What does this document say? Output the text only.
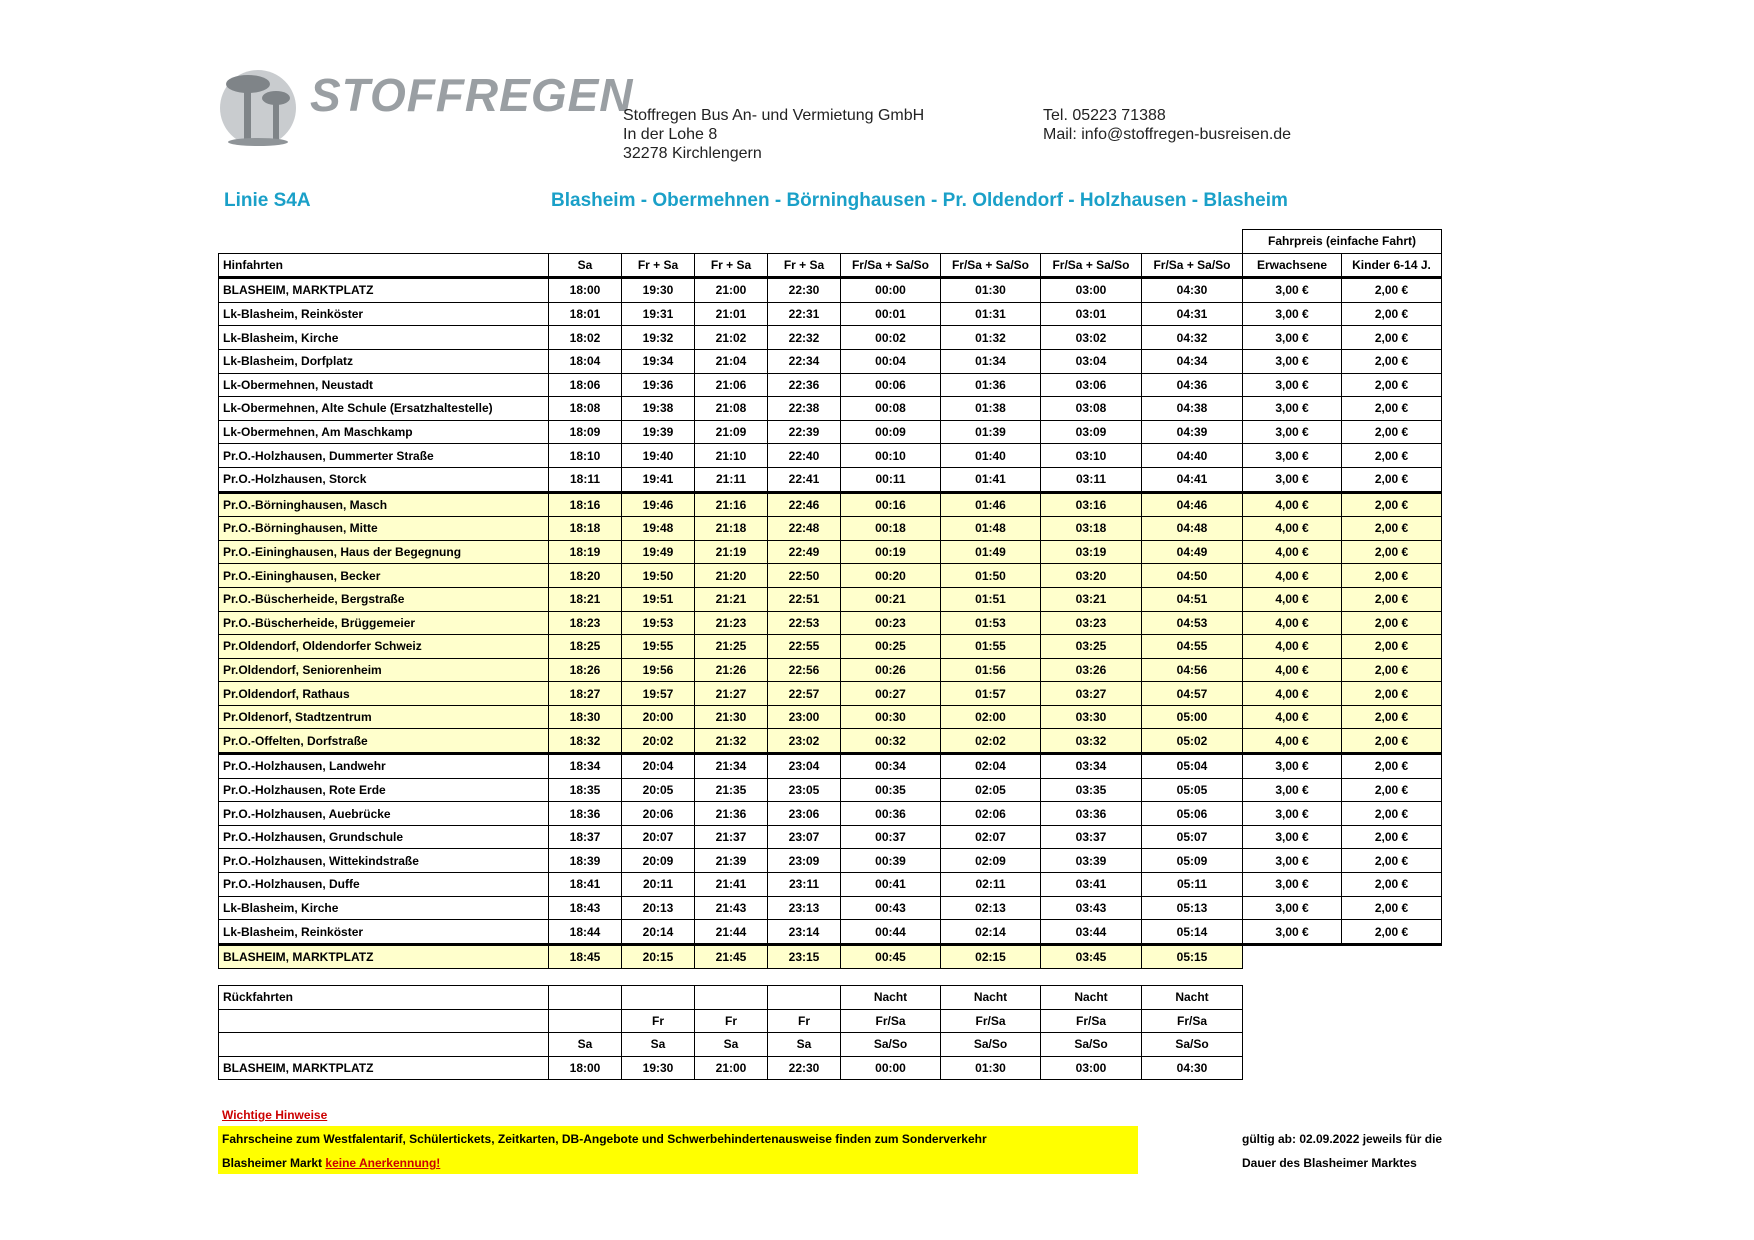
STOFFREGEN
Stoffregen Bus An- und Vermietung GmbH
In der Lohe 8
32278 Kirchlengern
Tel. 05223 71388
Mail: info@stoffregen-busreisen.de
Linie S4A	Blasheim - Obermehnen - Börninghausen - Pr. Oldendorf - Holzhausen - Blasheim
									Fahrpreis (einfache Fahrt)	
Hinfahrten	Sa	Fr + Sa	Fr + Sa	Fr + Sa	Fr/Sa + Sa/So	Fr/Sa + Sa/So	Fr/Sa + Sa/So	Fr/Sa + Sa/So	Erwachsene	Kinder 6-14 J.
BLASHEIM, MARKTPLATZ	18:00	19:30	21:00	22:30	00:00	01:30	03:00	04:30	3,00 €	2,00 €
Lk-Blasheim, Reinköster	18:01	19:31	21:01	22:31	00:01	01:31	03:01	04:31	3,00 €	2,00 €
Lk-Blasheim, Kirche	18:02	19:32	21:02	22:32	00:02	01:32	03:02	04:32	3,00 €	2,00 €
Lk-Blasheim, Dorfplatz	18:04	19:34	21:04	22:34	00:04	01:34	03:04	04:34	3,00 €	2,00 €
Lk-Obermehnen, Neustadt	18:06	19:36	21:06	22:36	00:06	01:36	03:06	04:36	3,00 €	2,00 €
Lk-Obermehnen, Alte Schule (Ersatzhaltestelle)	18:08	19:38	21:08	22:38	00:08	01:38	03:08	04:38	3,00 €	2,00 €
Lk-Obermehnen, Am Maschkamp	18:09	19:39	21:09	22:39	00:09	01:39	03:09	04:39	3,00 €	2,00 €
Pr.O.-Holzhausen, Dummerter Straße	18:10	19:40	21:10	22:40	00:10	01:40	03:10	04:40	3,00 €	2,00 €
Pr.O.-Holzhausen, Storck	18:11	19:41	21:11	22:41	00:11	01:41	03:11	04:41	3,00 €	2,00 €
Pr.O.-Börninghausen, Masch	18:16	19:46	21:16	22:46	00:16	01:46	03:16	04:46	4,00 €	2,00 €
Pr.O.-Börninghausen, Mitte	18:18	19:48	21:18	22:48	00:18	01:48	03:18	04:48	4,00 €	2,00 €
Pr.O.-Eininghausen, Haus der Begegnung	18:19	19:49	21:19	22:49	00:19	01:49	03:19	04:49	4,00 €	2,00 €
Pr.O.-Eininghausen, Becker	18:20	19:50	21:20	22:50	00:20	01:50	03:20	04:50	4,00 €	2,00 €
Pr.O.-Büscherheide, Bergstraße	18:21	19:51	21:21	22:51	00:21	01:51	03:21	04:51	4,00 €	2,00 €
Pr.O.-Büscherheide, Brüggemeier	18:23	19:53	21:23	22:53	00:23	01:53	03:23	04:53	4,00 €	2,00 €
Pr.Oldendorf, Oldendorfer Schweiz	18:25	19:55	21:25	22:55	00:25	01:55	03:25	04:55	4,00 €	2,00 €
Pr.Oldendorf, Seniorenheim	18:26	19:56	21:26	22:56	00:26	01:56	03:26	04:56	4,00 €	2,00 €
Pr.Oldendorf, Rathaus	18:27	19:57	21:27	22:57	00:27	01:57	03:27	04:57	4,00 €	2,00 €
Pr.Oldenorf, Stadtzentrum	18:30	20:00	21:30	23:00	00:30	02:00	03:30	05:00	4,00 €	2,00 €
Pr.O.-Offelten, Dorfstraße	18:32	20:02	21:32	23:02	00:32	02:02	03:32	05:02	4,00 €	2,00 €
Pr.O.-Holzhausen, Landwehr	18:34	20:04	21:34	23:04	00:34	02:04	03:34	05:04	3,00 €	2,00 €
Pr.O.-Holzhausen, Rote Erde	18:35	20:05	21:35	23:05	00:35	02:05	03:35	05:05	3,00 €	2,00 €
Pr.O.-Holzhausen, Auebrücke	18:36	20:06	21:36	23:06	00:36	02:06	03:36	05:06	3,00 €	2,00 €
Pr.O.-Holzhausen, Grundschule	18:37	20:07	21:37	23:07	00:37	02:07	03:37	05:07	3,00 €	2,00 €
Pr.O.-Holzhausen, Wittekindstraße	18:39	20:09	21:39	23:09	00:39	02:09	03:39	05:09	3,00 €	2,00 €
Pr.O.-Holzhausen, Duffe	18:41	20:11	21:41	23:11	00:41	02:11	03:41	05:11	3,00 €	2,00 €
Lk-Blasheim, Kirche	18:43	20:13	21:43	23:13	00:43	02:13	03:43	05:13	3,00 €	2,00 €
Lk-Blasheim, Reinköster	18:44	20:14	21:44	23:14	00:44	02:14	03:44	05:14	3,00 €	2,00 €
BLASHEIM, MARKTPLATZ	18:45	20:15	21:45	23:15	00:45	02:15	03:45	05:15		
Rückfahrten					Nacht	Nacht	Nacht	Nacht
		Fr	Fr	Fr	Fr/Sa	Fr/Sa	Fr/Sa	Fr/Sa
	Sa	Sa	Sa	Sa	Sa/So	Sa/So	Sa/So	Sa/So
BLASHEIM, MARKTPLATZ	18:00	19:30	21:00	22:30	00:00	01:30	03:00	04:30
Wichtige Hinweise
Fahrscheine zum Westfalentarif, Schülertickets, Zeitkarten, DB-Angebote und Schwerbehindertenausweise finden zum Sonderverkehr
Blasheimer Markt keine Anerkennung!
gültig ab: 02.09.2022 jeweils für die
Dauer des Blasheimer Marktes
